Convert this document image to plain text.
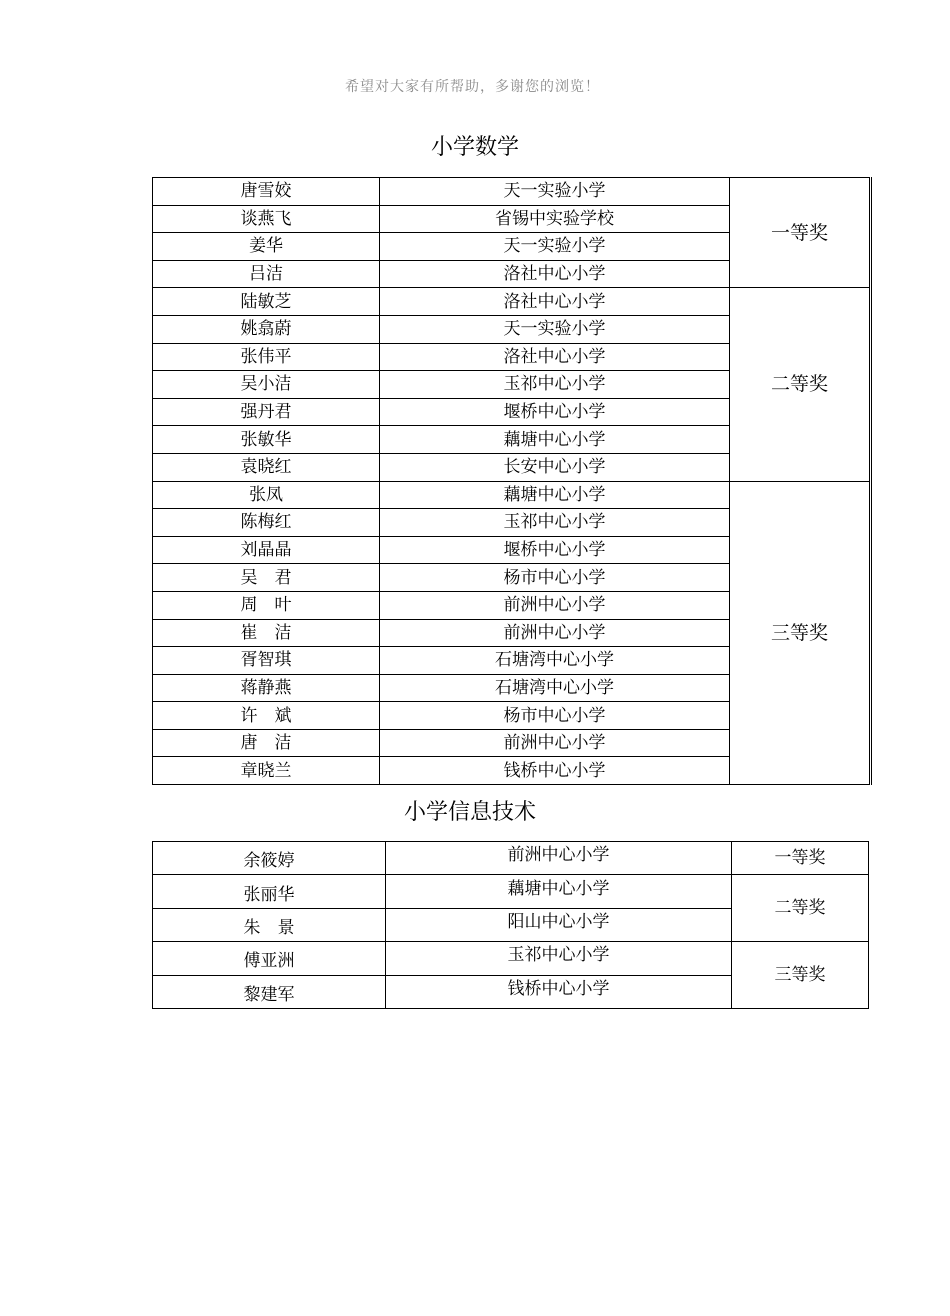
希望对大家有所帮助，多谢您的浏览！
小学数学
唐雪姣	天一实验小学	一等奖
谈燕飞	省锡中实验学校	
姜华	天一实验小学	
吕洁	洛社中心小学	
陆敏芝	洛社中心小学	二等奖
姚翕蔚	天一实验小学	
张伟平	洛社中心小学	
吴小洁	玉祁中心小学	
强丹君	堰桥中心小学	
张敏华	藕塘中心小学	
袁晓红	长安中心小学	
张凤	藕塘中心小学	三等奖
陈梅红	玉祁中心小学	
刘晶晶	堰桥中心小学	
吴　君	杨市中心小学	
周　叶	前洲中心小学	
崔　洁	前洲中心小学	
胥智琪	石塘湾中心小学	
蒋静燕	石塘湾中心小学	
许　斌	杨市中心小学	
唐　洁	前洲中心小学	
章晓兰	钱桥中心小学	
小学信息技术
余筱婷	前洲中心小学	一等奖
张丽华	藕塘中心小学	二等奖
朱　景	阳山中心小学	
傅亚洲	玉祁中心小学	三等奖
黎建军	钱桥中心小学	
